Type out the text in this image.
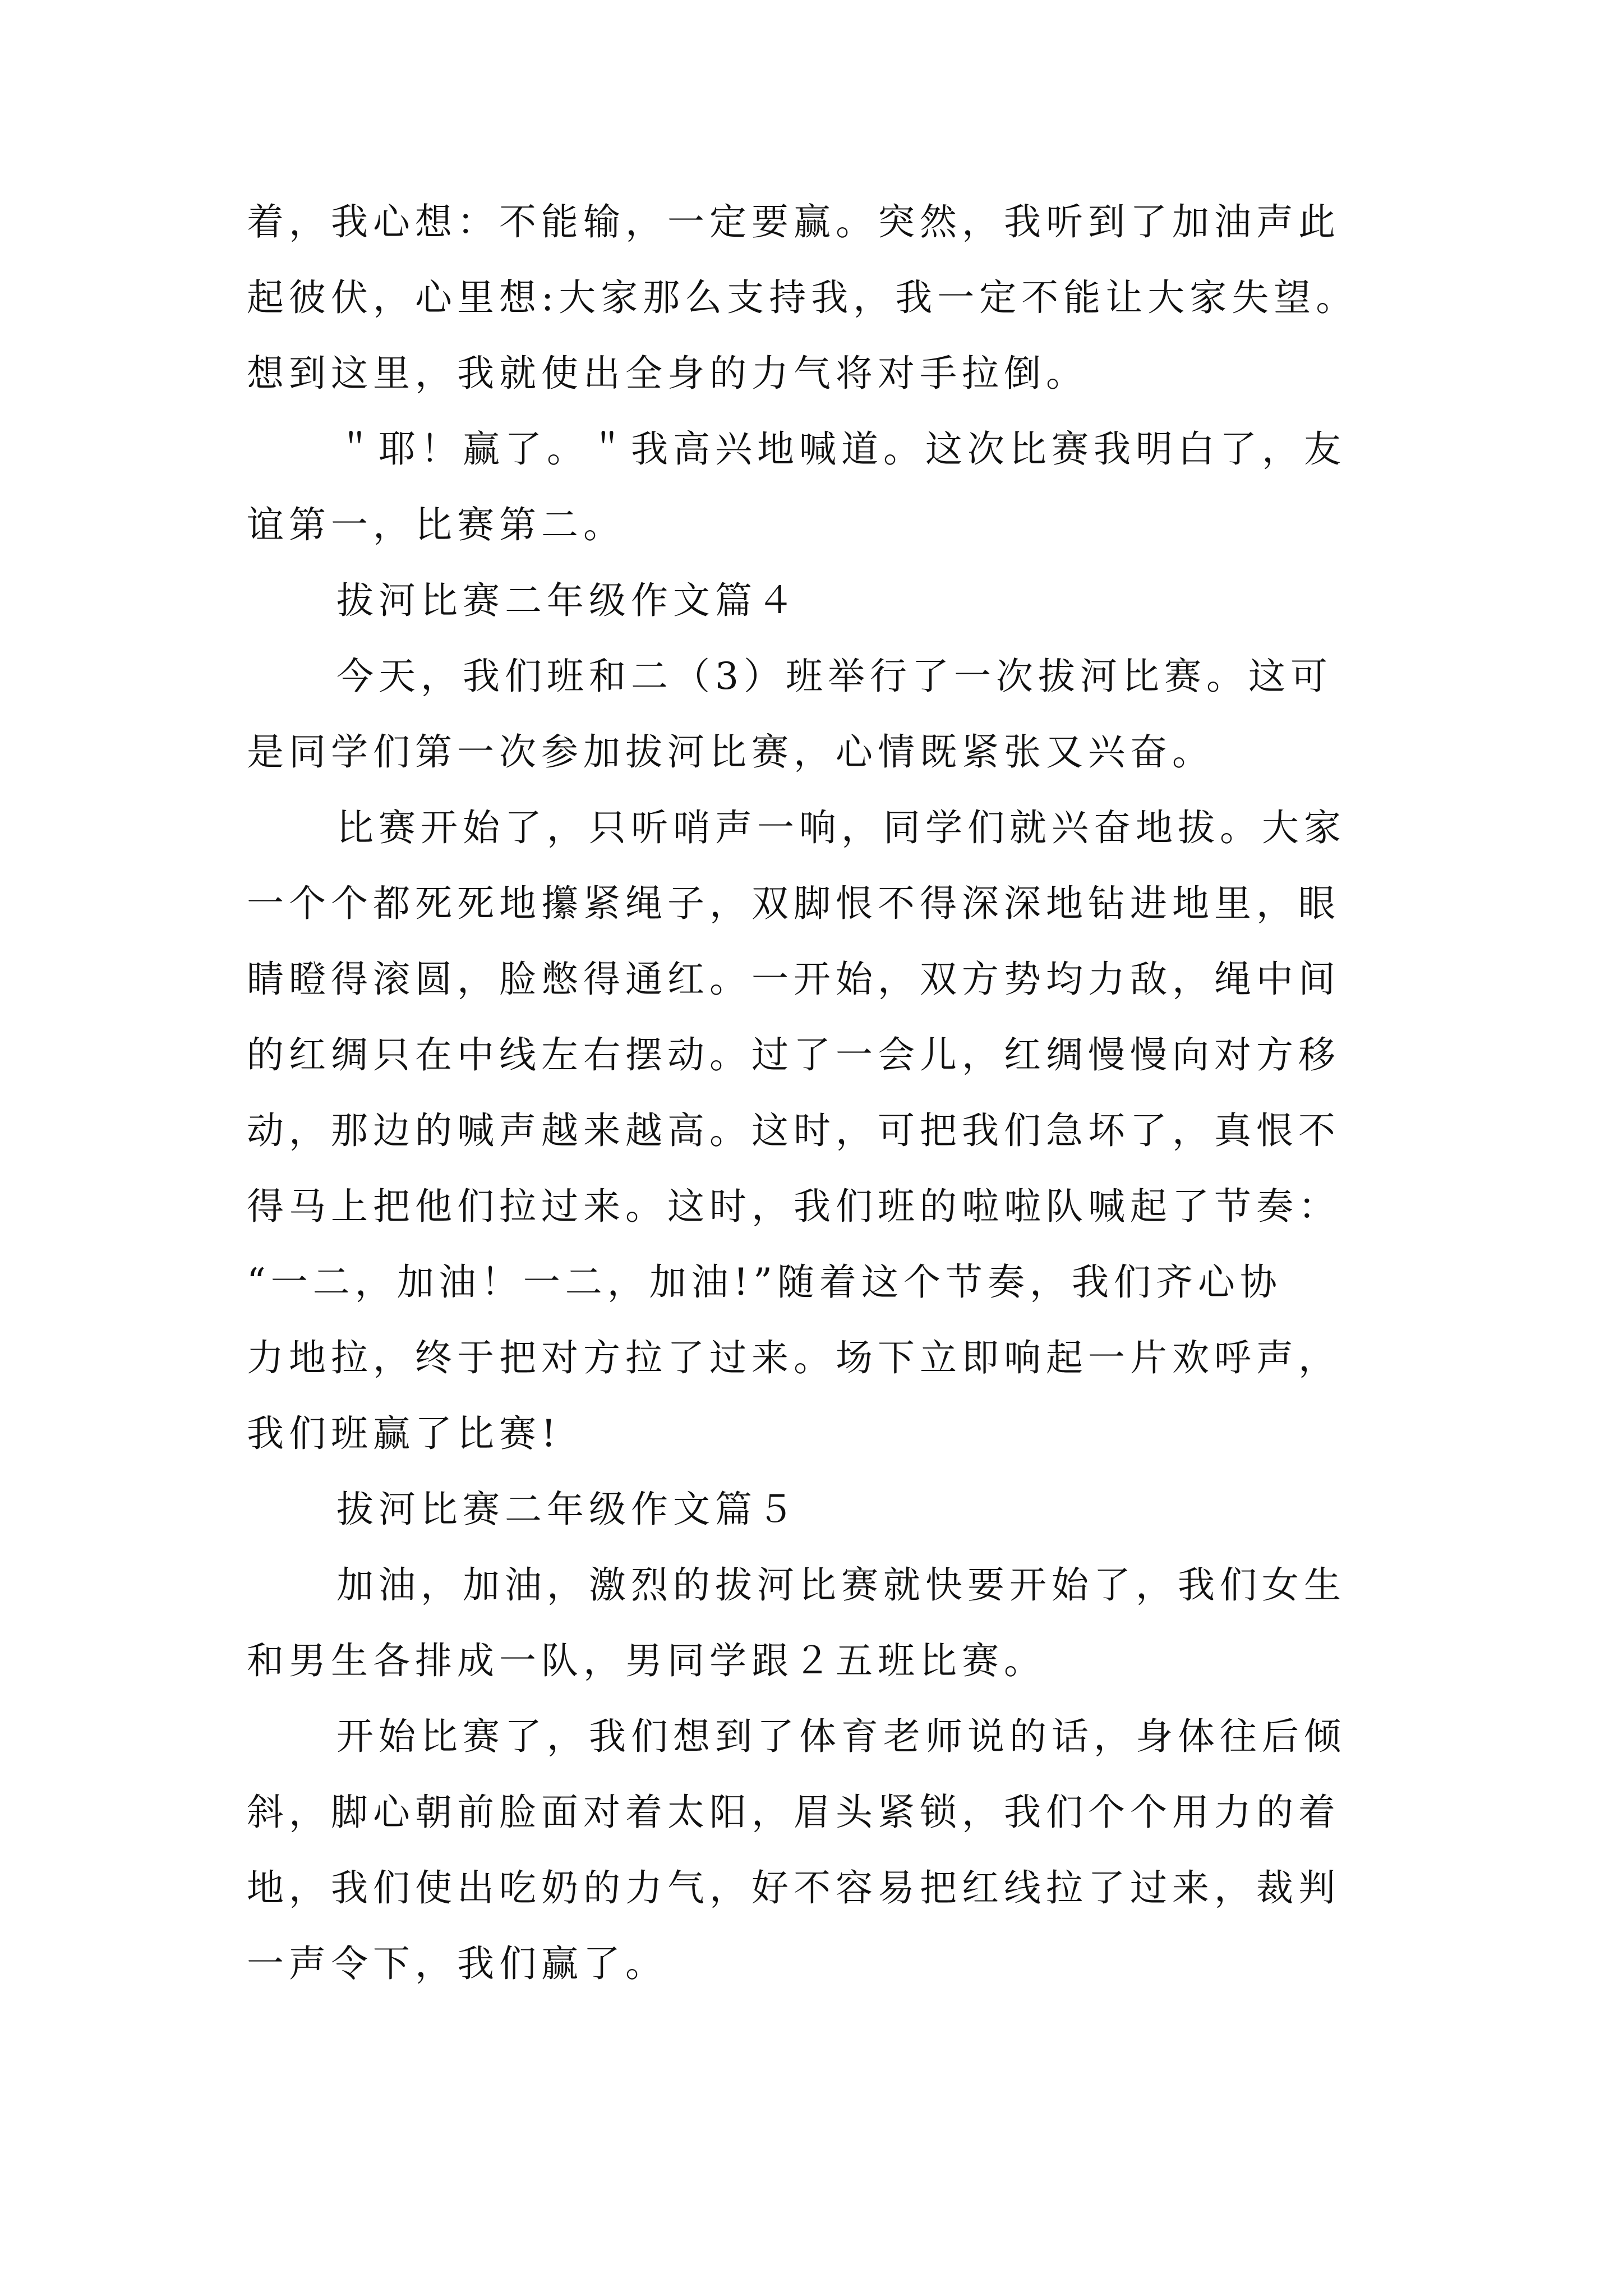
着，我心想：不能输，一定要赢。突然，我听到了加油声此
起彼伏，心里想:大家那么支持我，我一定不能让大家失望。
想到这里，我就使出全身的力气将对手拉倒。
＂耶！赢了。＂我高兴地喊道。这次比赛我明白了，友
谊第一，比赛第二。
拔河比赛二年级作文篇４
今天，我们班和二（3）班举行了一次拔河比赛。这可
是同学们第一次参加拔河比赛，心情既紧张又兴奋。
比赛开始了，只听哨声一响，同学们就兴奋地拔。大家
一个个都死死地攥紧绳子，双脚恨不得深深地钻进地里，眼
睛瞪得滚圆，脸憋得通红。一开始，双方势均力敌，绳中间
的红绸只在中线左右摆动。过了一会儿，红绸慢慢向对方移
动，那边的喊声越来越高。这时，可把我们急坏了，真恨不
得马上把他们拉过来。这时，我们班的啦啦队喊起了节奏：
“一二，加油！一二，加油!”随着这个节奏，我们齐心协
力地拉，终于把对方拉了过来。场下立即响起一片欢呼声，
我们班赢了比赛!
拔河比赛二年级作文篇５
加油，加油，激烈的拔河比赛就快要开始了，我们女生
和男生各排成一队，男同学跟２五班比赛。
开始比赛了，我们想到了体育老师说的话，身体往后倾
斜，脚心朝前脸面对着太阳，眉头紧锁，我们个个用力的着
地，我们使出吃奶的力气，好不容易把红线拉了过来，裁判
一声令下，我们赢了。
